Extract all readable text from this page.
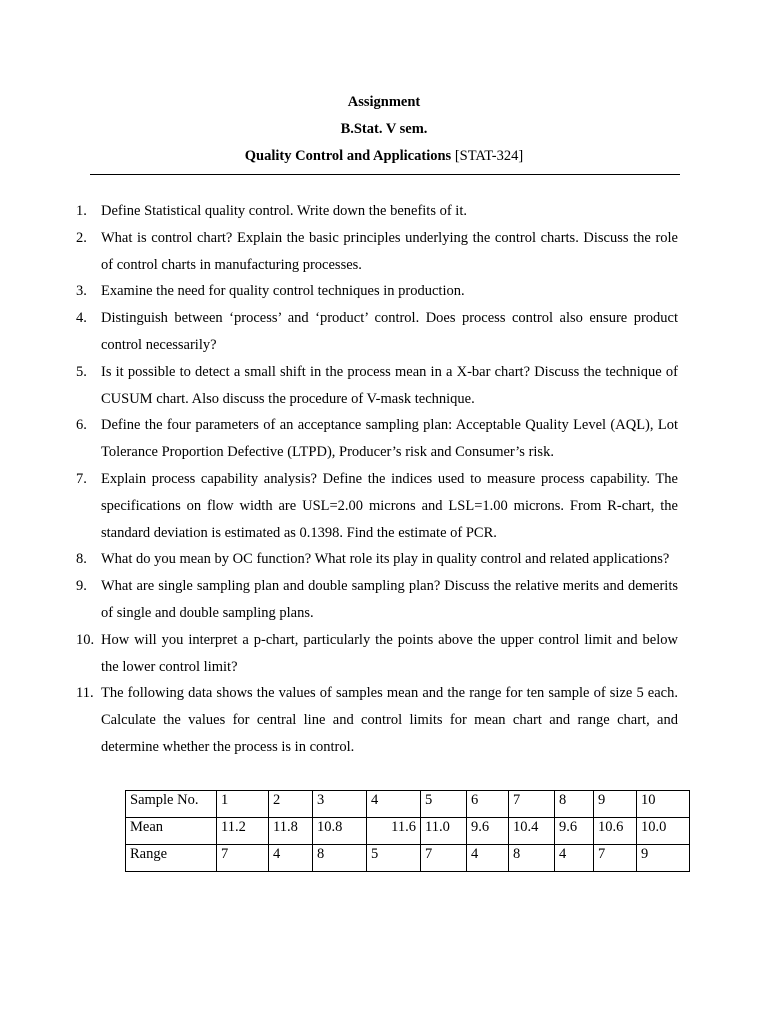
Assignment
B.Stat. V sem.
Quality Control and Applications [STAT-324]
1. Define Statistical quality control. Write down the benefits of it.
2. What is control chart? Explain the basic principles underlying the control charts. Discuss the role of control charts in manufacturing processes.
3. Examine the need for quality control techniques in production.
4. Distinguish between ‘process’ and ‘product’ control. Does process control also ensure product control necessarily?
5. Is it possible to detect a small shift in the process mean in a X-bar chart? Discuss the technique of CUSUM chart. Also discuss the procedure of V-mask technique.
6. Define the four parameters of an acceptance sampling plan: Acceptable Quality Level (AQL), Lot Tolerance Proportion Defective (LTPD), Producer’s risk and Consumer’s risk.
7. Explain process capability analysis? Define the indices used to measure process capability. The specifications on flow width are USL=2.00 microns and LSL=1.00 microns. From R-chart, the standard deviation is estimated as 0.1398. Find the estimate of PCR.
8. What do you mean by OC function? What role its play in quality control and related applications?
9. What are single sampling plan and double sampling plan? Discuss the relative merits and demerits of single and double sampling plans.
10. How will you interpret a p-chart, particularly the points above the upper control limit and below the lower control limit?
11. The following data shows the values of samples mean and the range for ten sample of size 5 each. Calculate the values for central line and control limits for mean chart and range chart, and determine whether the process is in control.
Sample No.	1	2	3	4	5	6	7	8	9	10
Mean	11.2	11.8	10.8	11.6	11.0	9.6	10.4	9.6	10.6	10.0
Range	7	4	8	5	7	4	8	4	7	9
